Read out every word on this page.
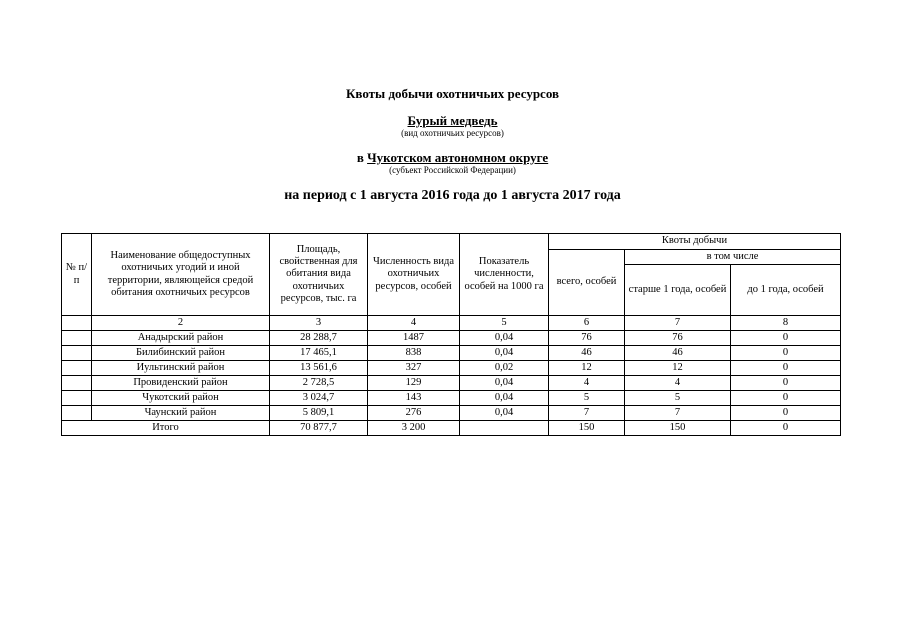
Квоты добычи охотничьих ресурсов
Бурый медведь
(вид охотничьих ресурсов)
в Чукотском автономном округе
(субъект Российской Федерации)
на период с 1 августа 2016 года до 1 августа 2017 года
№ п/п	Наименование общедоступных охотничьих угодий и иной территории, являющейся средой обитания охотничьих ресурсов	Площадь, свойственная для обитания вида охотничьих ресурсов, тыс. га	Численность вида охотничьих ресурсов, особей	Показатель численности, особей на 1000 га	Квоты добычи		
					всего, особей	в том числе	
						старше 1 года, особей	до 1 года, особей
	2	3	4	5	6	7	8
	Анадырский район	28 288,7	1487	0,04	76	76	0
	Билибинский район	17 465,1	838	0,04	46	46	0
	Иультинский район	13 561,6	327	0,02	12	12	0
	Провиденский район	2 728,5	129	0,04	4	4	0
	Чукотский район	3 024,7	143	0,04	5	5	0
	Чаунский район	5 809,1	276	0,04	7	7	0
Итого		70 877,7	3 200		150	150	0
